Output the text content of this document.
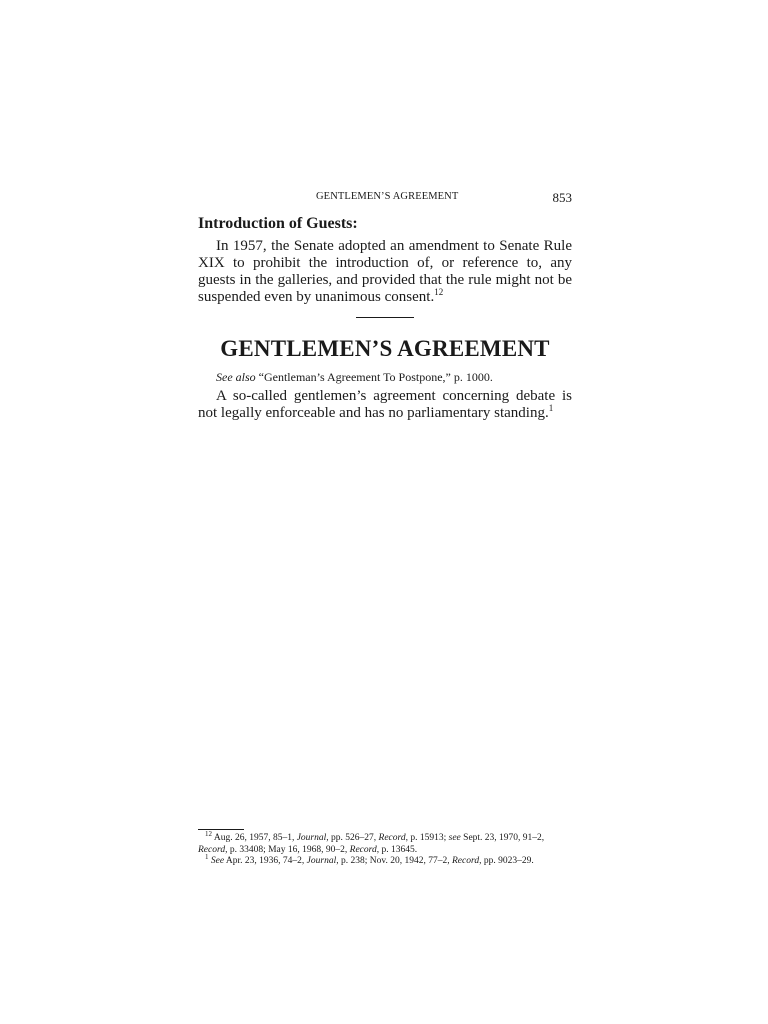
GENTLEMEN’S AGREEMENT	853
Introduction of Guests:
In 1957, the Senate adopted an amendment to Senate Rule XIX to prohibit the introduction of, or reference to, any guests in the galleries, and provided that the rule might not be suspended even by unanimous consent.$^{12}$
GENTLEMEN’S AGREEMENT
See also “Gentleman’s Agreement To Postpone,” p. 1000.
A so-called gentlemen’s agreement concerning debate is not legally enforceable and has no parliamentary standing.$^1$
$^{12}$ Aug. 26, 1957, 85–1, Journal, pp. 526–27, Record, p. 15913; see Sept. 23, 1970, 91–2, Record, p. 33408; May 16, 1968, 90–2, Record, p. 13645.
$^1$ See Apr. 23, 1936, 74–2, Journal, p. 238; Nov. 20, 1942, 77–2, Record, pp. 9023–29.
